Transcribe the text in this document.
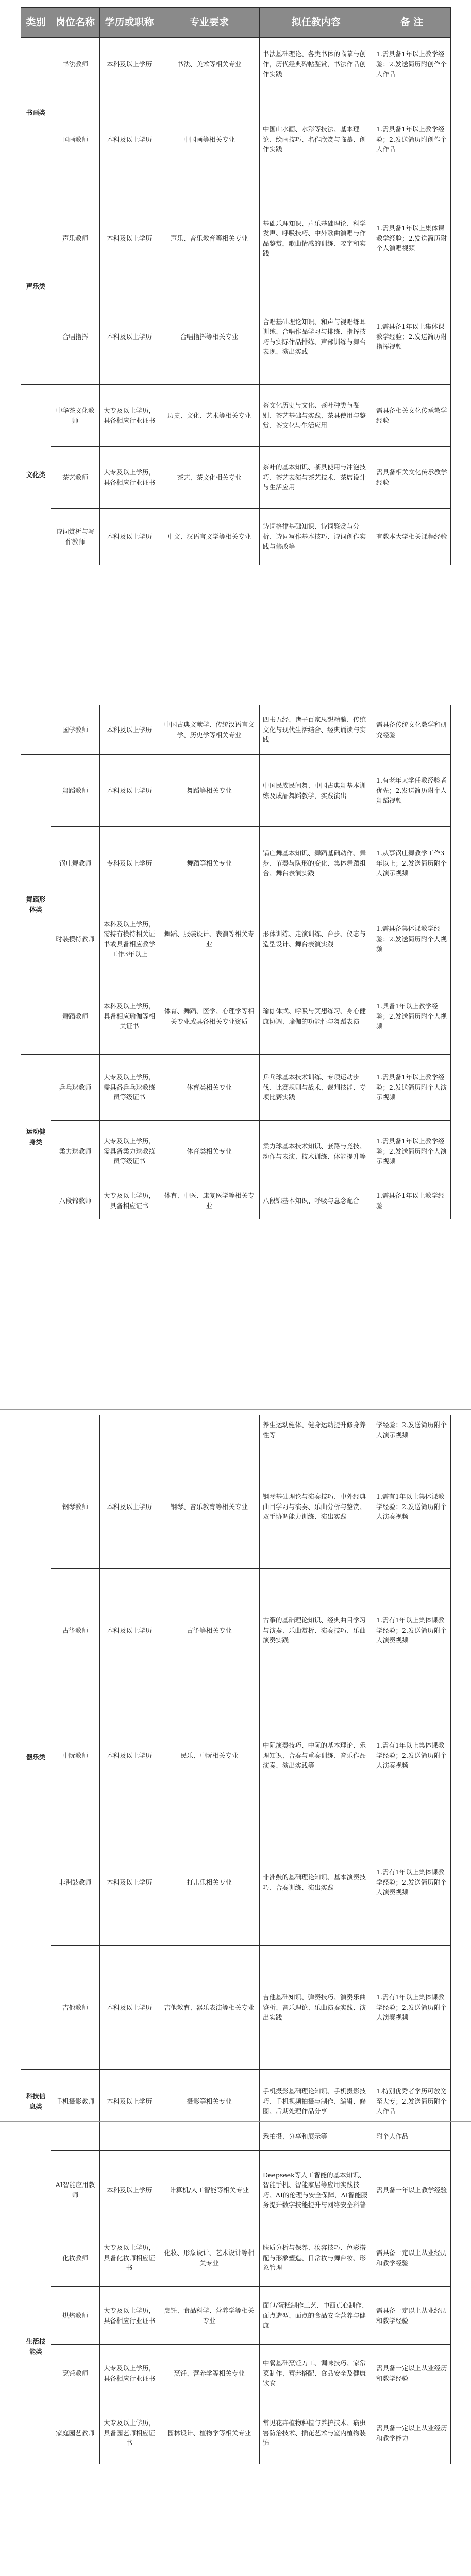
类别	岗位名称	学历或职称	专业要求	拟任教内容	备 注
书画类	书法教师	本科及以上学历	书法、美术等相关专业	书法基础理论、各类书体的临摹与创作，历代经典碑帖鉴赏，书法作品创作实践	1.需具备1年以上教学经验；2.发送简历附创作个人作品
	国画教师	本科及以上学历	中国画等相关专业	中国山水画、水彩等技法、基本理论、绘画技巧、名作欣赏与临摹、创作实践	1.需具备1年以上教学经验；2.发送简历附创作个人作品
声乐类	声乐教师	本科及以上学历	声乐、音乐教育等相关专业	基础乐理知识、声乐基础理论、科学发声、呼吸技巧、中外歌曲演唱与作品鉴赏，歌曲情感的训练、咬字和实践	1.需具备1年以上集体课教学经验；2.发送简历附个人演唱视频
	合唱指挥	本科及以上学历	合唱指挥等相关专业	合唱基础理论知识、和声与视唱练耳训练、合唱作品学习与排练、指挥技巧与实际作品排练、声部训练与舞台表现、演出实践	1.需具备1年以上集体课教学经验；2.发送简历附指挥视频
文化类	中华茶文化教师	大专及以上学历，具备相应行业证书	历史、文化、艺术等相关专业	茶文化历史与文化、茶叶种类与鉴别、茶艺基础与实践、茶具使用与鉴赏、茶文化与生活应用	需具备相关文化传承教学经验
	茶艺教师	大专及以上学历，具备相应行业证书	茶艺、茶文化相关专业	茶叶的基本知识、茶具使用与冲泡技巧、茶艺表演与茶艺技术、茶席设计与生活应用	需具备相关文化传承教学经验
	诗词赏析与写作教师	本科及以上学历	中文、汉语言文学等相关专业	诗词格律基础知识、诗词鉴赏与分析、诗词写作基本技巧、诗词创作实践与修改等	有教本大学相关课程经验
	国学教师	本科及以上学历	中国古典文献学、传统汉语言文学、历史学等相关专业	四书五经、诸子百家思想精髓、传统文化与现代生活结合、经典诵读与实践	需具备传统文化教学和研究经验
舞蹈形体类	舞蹈教师	本科及以上学历	舞蹈等相关专业	中国民族民间舞、中国古典舞基本训练及成品舞蹈教学，实践演出	1.有老年大学任教经验者优先；2.发送简历附个人舞蹈视频
	锅庄舞教师	专科及以上学历	舞蹈等相关专业	锅庄舞基本知识、舞蹈基础动作、舞步、节奏与队形的变化、集体舞蹈组合、舞台表演实践	1.从事锅庄舞教学工作3年以上；2.发送简历附个人演示视频
	时装模特教师	本科及以上学历，需持有模特相关证书或具备相应教学工作3年以上	舞蹈、服装设计、表演等相关专业	形体训练、走演训练、台步、仪态与造型设计、舞台表演实践	1.需具备集体课教学经验；2.发送简历附个人视频
	舞蹈教师	本科及以上学历，具备相应瑜伽等相关证书	体育、舞蹈、医学、心理学等相关专业或具备相关专业资质	瑜伽体式、呼吸与冥想练习、身心健康协调、瑜伽的功能性与舞蹈表演	1.具备1年以上教学经验；2.发送简历附个人视频
运动健身类	乒乓球教师	大专及以上学历，需具备乒乓球教练员等级证书	体育类相关专业	乒乓球基本技术训练、专项运动步伐、比赛规则与战术、裁判技能、专项比赛实践	1.需具备1年以上教学经验；2.发送简历附个人演示视频
	柔力球教师	大专及以上学历，需具备柔力球教练员等级证书	体育类相关专业	柔力球基本技术知识、套路与竞技、动作与表演、技术训练、体能提升等	1.需具备1年以上教学经验；2.发送简历附个人演示视频
	八段锦教师	大专及以上学历，具备相应证书	体育、中医、康复医学等相关专业	八段锦基本知识、呼吸与意念配合	1.需具备1年以上教学经验
				养生运动健体、健身运动提升修身养性等	学经验；2.发送简历附个人演示视频
器乐类	钢琴教师	本科及以上学历	钢琴、音乐教育等相关专业	钢琴基础理论与演奏技巧、中外经典曲目学习与演奏、乐曲分析与鉴赏、双手协调能力训练、演出实践	1.需有1年以上集体课教学经验；2.发送简历附个人演奏视频
	古筝教师	本科及以上学历	古筝等相关专业	古筝的基础理论知识、经典曲目学习与演奏、乐曲赏析、演奏技巧、乐曲演奏实践	1.需有1年以上集体课教学经验；2.发送简历附个人演奏视频
	中阮教师	本科及以上学历	民乐、中阮相关专业	中阮演奏技巧、中阮的基本理论、乐理知识、合奏与重奏训练、音乐作品演奏、演出实践等	1.需有1年以上集体课教学经验；2.发送简历附个人演奏视频
	非洲鼓教师	本科及以上学历	打击乐相关专业	非洲鼓的基础理论知识、基本演奏技巧、合奏训练、演出实践	1.需有1年以上集体课教学经验；2.发送简历附个人演奏视频
	吉他教师	本科及以上学历	吉他教育、器乐表演等相关专业	吉他基础知识、弹奏技巧、演奏乐曲鉴析、音乐理论、乐曲演奏实践、演出实践	1.需有1年以上集体课教学经验；2.发送简历附个人演奏视频
科技信息类	手机摄影教师	本科及以上学历	摄影等相关专业	手机摄影基础理论知识、手机摄影技巧、手机视频拍摄与制作、编辑、修图、后期处理作品分享	1.特别优秀者学历可放宽至大专；2.发送简历附个人作品
				悉拍摄、分享和展示等	附个人作品
	AI智能应用教师	本科及以上学历	计算机/人工智能等相关专业	Deepseek等人工智能的基本知识、智能手机、智能家居等应用实践技巧、AI的伦理与安全保障，AI智能服务提升数字技能提升与网络安全科普	需具备一年以上教学经验
生活技能类	化妆教师	大专及以上学历，具备化妆师相应证书	化妆、形象设计、艺术设计等相关专业	肤质分析与保养、妆容技巧、色彩搭配与形象塑造、日常妆与舞台妆、形象管理	需具备一定以上从业经历和教学经验
	烘焙教师	大专及以上学历，具备相应行业证书	烹饪、食品科学、营养学等相关专业	面包/蛋糕制作工艺、中西点心制作、面点造型、面点的食品安全营养与健康	需具备一定以上从业经历和教学经验
	烹饪教师	大专及以上学历，具备相应行业证书	烹饪、营养学等相关专业	中餐基础烹饪刀工、调味技巧、家常菜制作、营养搭配、食品安全及健康饮食	需具备一定以上从业经历和教学经验
	家庭园艺教师	大专及以上学历，具备园艺师相应证书	园林设计、植物学等相关专业	常见花卉植物种植与养护技术、病虫害防治技术、插花艺术与室内植物装饰	需具备一定以上从业经历和教学能力
